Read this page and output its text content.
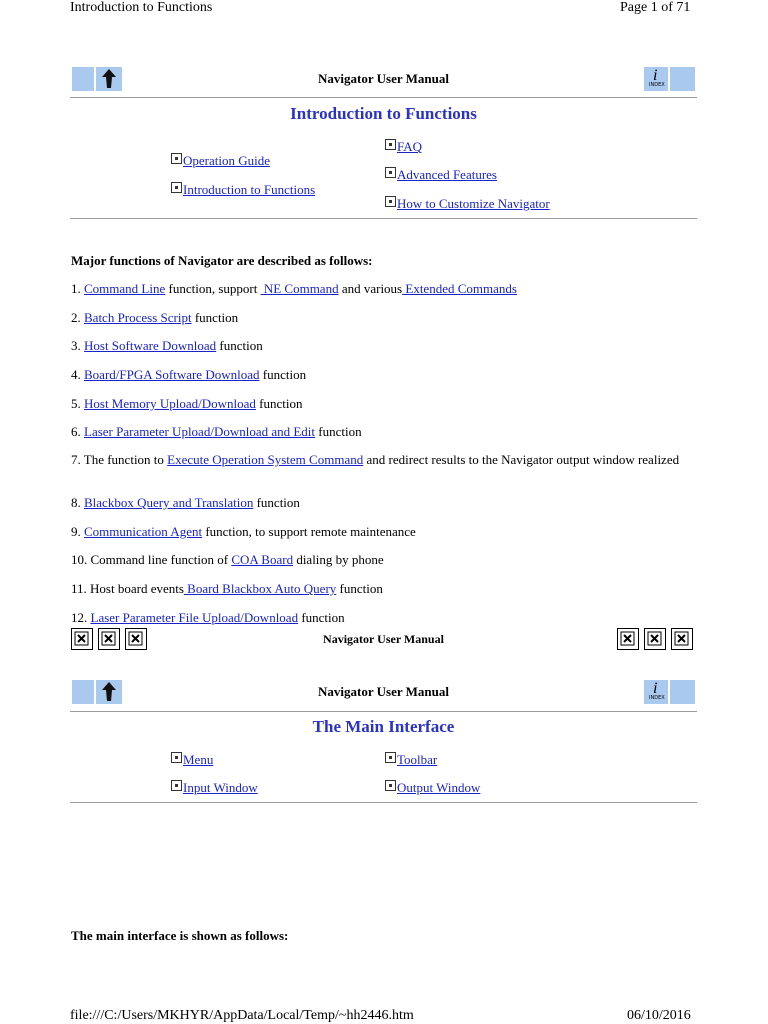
Introduction to Functions	Page 1 of 71
Navigator User Manual	i
INDEX
Introduction to Functions
Operation Guide
Introduction to Functions
FAQ
Advanced Features
How to Customize Navigator
Major functions of Navigator are described as follows:
1. Command Line function, support  NE Command and various Extended Commands
2. Batch Process Script function
3. Host Software Download function
4. Board/FPGA Software Download function
5. Host Memory Upload/Download function
6. Laser Parameter Upload/Download and Edit function
7. The function to Execute Operation System Command and redirect results to the Navigator output window realized
8. Blackbox Query and Translation function
9. Communication Agent function, to support remote maintenance
10. Command line function of COA Board dialing by phone
11. Host board events Board Blackbox Auto Query function
12. Laser Parameter File Upload/Download function
Navigator User Manual
Navigator User Manual	i
INDEX
The Main Interface
Menu
Input Window
Toolbar
Output Window
The main interface is shown as follows:
file:///C:/Users/MKHYR/AppData/Local/Temp/~hh2446.htm	06/10/2016
